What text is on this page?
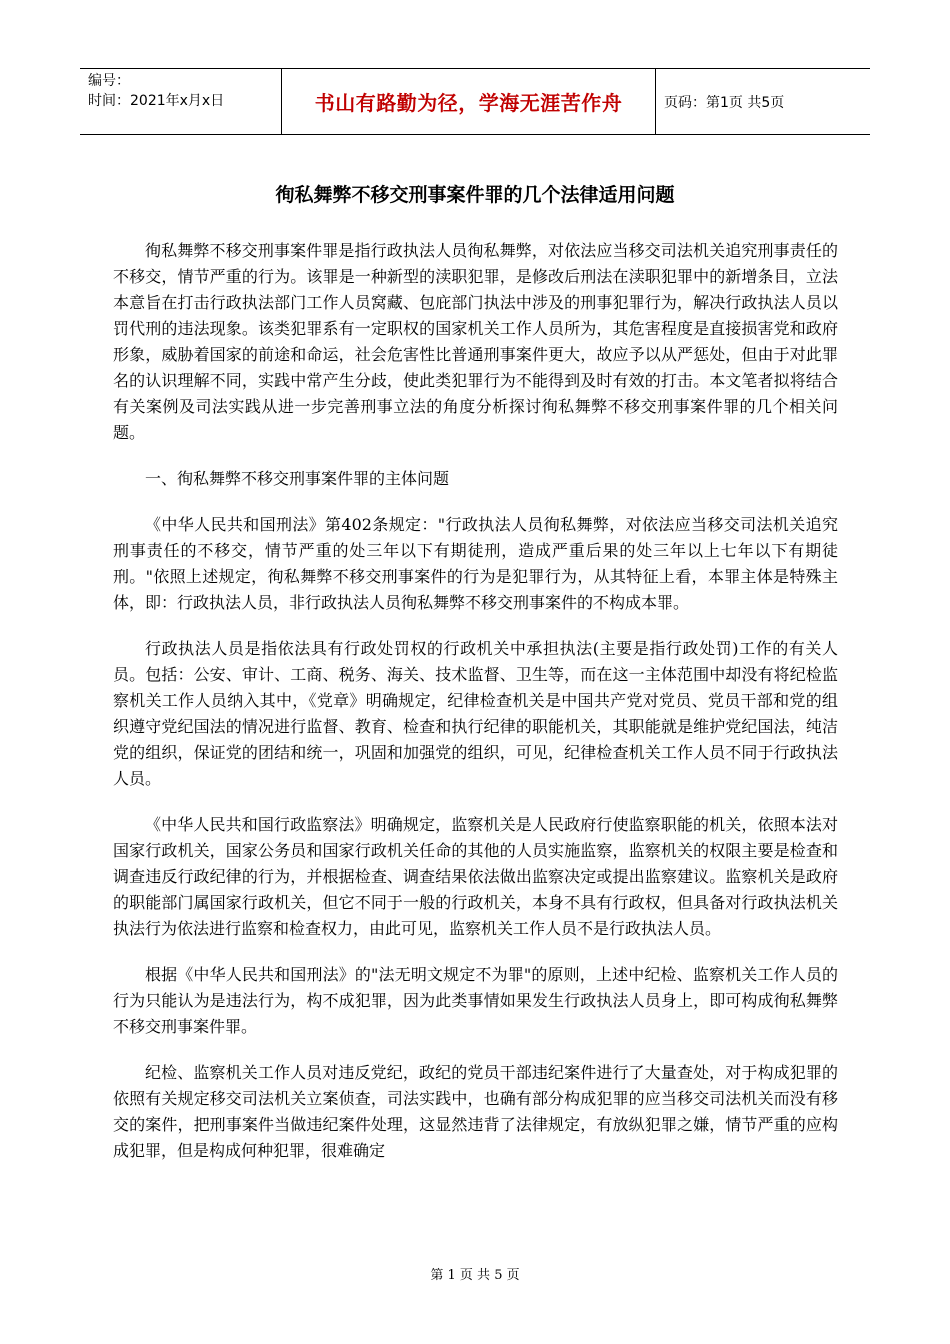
编号：
时间：2021年x月x日	书山有路勤为径，学海无涯苦作舟	页码：第1页 共5页
徇私舞弊不移交刑事案件罪的几个法律适用问题

徇私舞弊不移交刑事案件罪是指行政执法人员徇私舞弊，对依法应当移交司法机关追究刑事责任的不移交，情节严重的行为。该罪是一种新型的渎职犯罪，是修改后刑法在渎职犯罪中的新增条目，立法本意旨在打击行政执法部门工作人员窝藏、包庇部门执法中涉及的刑事犯罪行为，解决行政执法人员以罚代刑的违法现象。该类犯罪系有一定职权的国家机关工作人员所为，其危害程度是直接损害党和政府形象，威胁着国家的前途和命运，社会危害性比普通刑事案件更大，故应予以从严惩处，但由于对此罪名的认识理解不同，实践中常产生分歧，使此类犯罪行为不能得到及时有效的打击。本文笔者拟将结合有关案例及司法实践从进一步完善刑事立法的角度分析探讨徇私舞弊不移交刑事案件罪的几个相关问题。

一、徇私舞弊不移交刑事案件罪的主体问题

《中华人民共和国刑法》第402条规定："行政执法人员徇私舞弊，对依法应当移交司法机关追究刑事责任的不移交，情节严重的处三年以下有期徒刑，造成严重后果的处三年以上七年以下有期徒刑。"依照上述规定，徇私舞弊不移交刑事案件的行为是犯罪行为，从其特征上看，本罪主体是特殊主体，即：行政执法人员，非行政执法人员徇私舞弊不移交刑事案件的不构成本罪。

行政执法人员是指依法具有行政处罚权的行政机关中承担执法(主要是指行政处罚)工作的有关人员。包括：公安、审计、工商、税务、海关、技术监督、卫生等，而在这一主体范围中却没有将纪检监察机关工作人员纳入其中，《党章》明确规定，纪律检查机关是中国共产党对党员、党员干部和党的组织遵守党纪国法的情况进行监督、教育、检查和执行纪律的职能机关，其职能就是维护党纪国法，纯洁党的组织，保证党的团结和统一，巩固和加强党的组织，可见，纪律检查机关工作人员不同于行政执法人员。

《中华人民共和国行政监察法》明确规定，监察机关是人民政府行使监察职能的机关，依照本法对国家行政机关，国家公务员和国家行政机关任命的其他的人员实施监察，监察机关的权限主要是检查和调查违反行政纪律的行为，并根据检查、调查结果依法做出监察决定或提出监察建议。监察机关是政府的职能部门属国家行政机关，但它不同于一般的行政机关，本身不具有行政权，但具备对行政执法机关执法行为依法进行监察和检查权力，由此可见，监察机关工作人员不是行政执法人员。

根据《中华人民共和国刑法》的"法无明文规定不为罪"的原则，上述中纪检、监察机关工作人员的行为只能认为是违法行为，构不成犯罪，因为此类事情如果发生行政执法人员身上，即可构成徇私舞弊不移交刑事案件罪。

纪检、监察机关工作人员对违反党纪，政纪的党员干部违纪案件进行了大量查处，对于构成犯罪的依照有关规定移交司法机关立案侦查，司法实践中，也确有部分构成犯罪的应当移交司法机关而没有移交的案件，把刑事案件当做违纪案件处理，这显然违背了法律规定，有放纵犯罪之嫌，情节严重的应构成犯罪，但是构成何种犯罪，很难确定

第 1 页 共 5 页
